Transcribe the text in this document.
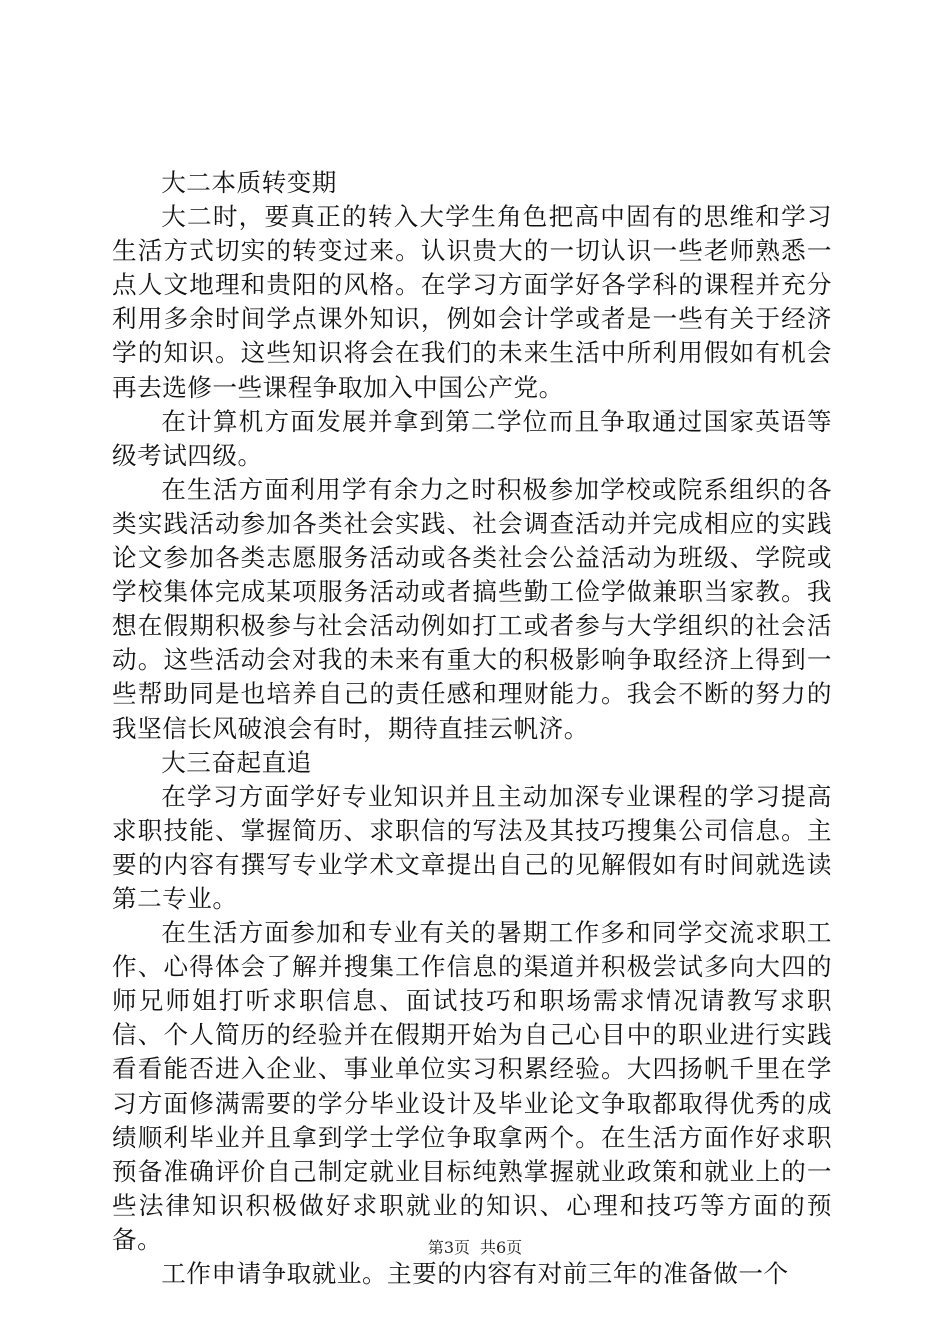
大二本质转变期

大二时，要真正的转入大学生角色把高中固有的思维和学习生活方式切实的转变过来。认识贵大的一切认识一些老师熟悉一点人文地理和贵阳的风格。在学习方面学好各学科的课程并充分利用多余时间学点课外知识，例如会计学或者是一些有关于经济学的知识。这些知识将会在我们的未来生活中所利用假如有机会再去选修一些课程争取加入中国公产党。

在计算机方面发展并拿到第二学位而且争取通过国家英语等级考试四级。

在生活方面利用学有余力之时积极参加学校或院系组织的各类实践活动参加各类社会实践、社会调查活动并完成相应的实践论文参加各类志愿服务活动或各类社会公益活动为班级、学院或学校集体完成某项服务活动或者搞些勤工俭学做兼职当家教。我想在假期积极参与社会活动例如打工或者参与大学组织的社会活动。这些活动会对我的未来有重大的积极影响争取经济上得到一些帮助同是也培养自己的责任感和理财能力。我会不断的努力的我坚信长风破浪会有时，期待直挂云帆济。

大三奋起直追

在学习方面学好专业知识并且主动加深专业课程的学习提高求职技能、掌握简历、求职信的写法及其技巧搜集公司信息。主要的内容有撰写专业学术文章提出自己的见解假如有时间就选读第二专业。

在生活方面参加和专业有关的暑期工作多和同学交流求职工作、心得体会了解并搜集工作信息的渠道并积极尝试多向大四的师兄师姐打听求职信息、面试技巧和职场需求情况请教写求职信、个人简历的经验并在假期开始为自己心目中的职业进行实践看看能否进入企业、事业单位实习积累经验。大四扬帆千里在学习方面修满需要的学分毕业设计及毕业论文争取都取得优秀的成绩顺利毕业并且拿到学士学位争取拿两个。在生活方面作好求职预备准确评价自己制定就业目标纯熟掌握就业政策和就业上的一些法律知识积极做好求职就业的知识、心理和技巧等方面的预备。

工作申请争取就业。主要的内容有对前三年的准备做一个

第3页 共6页
